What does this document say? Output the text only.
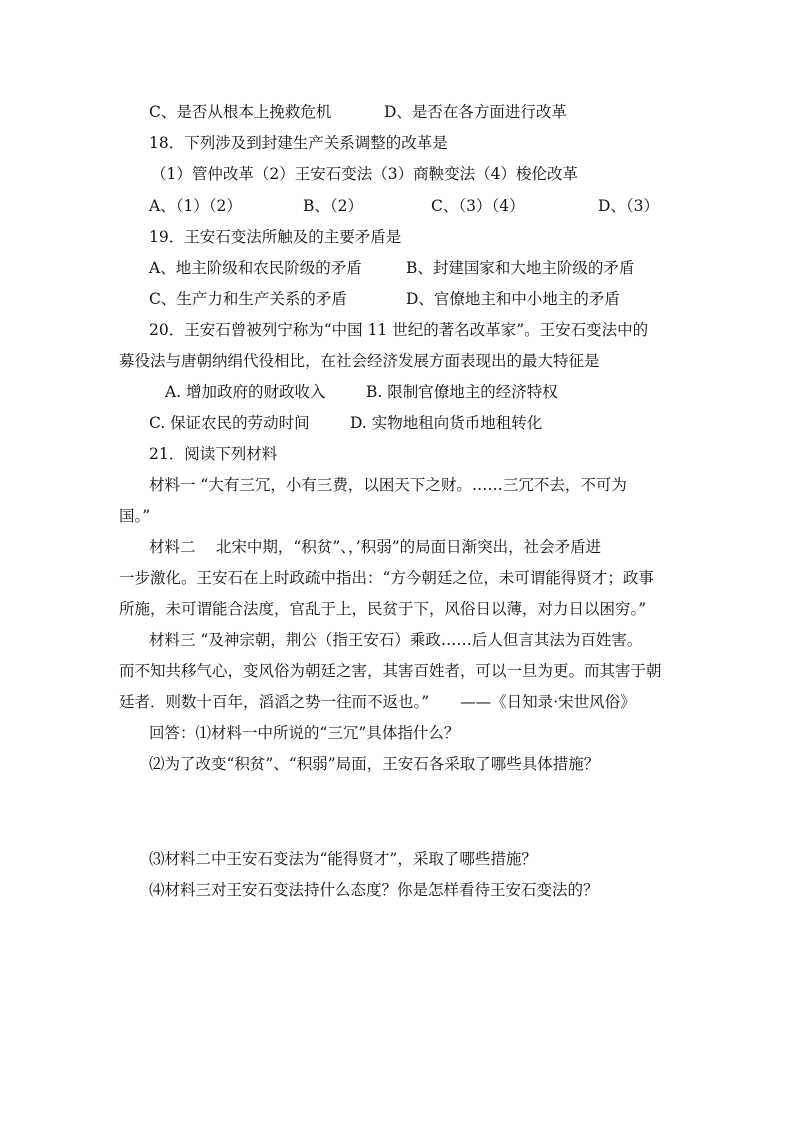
C、是否从根本上挽救危机	D、是否在各方面进行改革
18．下列涉及到封建生产关系调整的改革是
（1）管仲改革（2）王安石变法（3）商鞅变法（4）梭伦改革
A、（1）（2）	B、（2）	C、（3）（4）	D、（3）
19．王安石变法所触及的主要矛盾是
A、地主阶级和农民阶级的矛盾	B、封建国家和大地主阶级的矛盾
C、生产力和生产关系的矛盾	D、官僚地主和中小地主的矛盾
20．王安石曾被列宁称为“中国 11 世纪的著名改革家”。王安石变法中的
募役法与唐朝纳绢代役相比，在社会经济发展方面表现出的最大特征是
A. 增加政府的财政收入	B. 限制官僚地主的经济特权
C. 保证农民的劳动时间	D. 实物地租向货币地租转化
21．阅读下列材料
材料一 “大有三冗，小有三费，以困天下之财。……三冗不去，不可为
国。”
材料二　 北宋中期，“积贫”、，’积弱”的局面日渐突出，社会矛盾进
一步激化。王安石在上时政疏中指出：“方今朝廷之位，未可谓能得贤才；政事
所施，未可谓能合法度，官乱于上，民贫于下，风俗日以薄，对力日以困穷。”
材料三 “及神宗朝，荆公（指王安石）乘政……后人但言其法为百姓害。
而不知共移气心，变风俗为朝廷之害，其害百姓者，可以一旦为更。而其害于朝
廷者．则数十百年，滔滔之势一往而不返也。”　　——《日知录·宋世风俗》
回答：⑴材料一中所说的“三冗”具体指什么？
⑵为了改变“积贫”、“积弱”局面，王安石各采取了哪些具体措施？
⑶材料二中王安石变法为“能得贤才”，采取了哪些措施？
⑷材料三对王安石变法持什么态度？你是怎样看待王安石变法的？
